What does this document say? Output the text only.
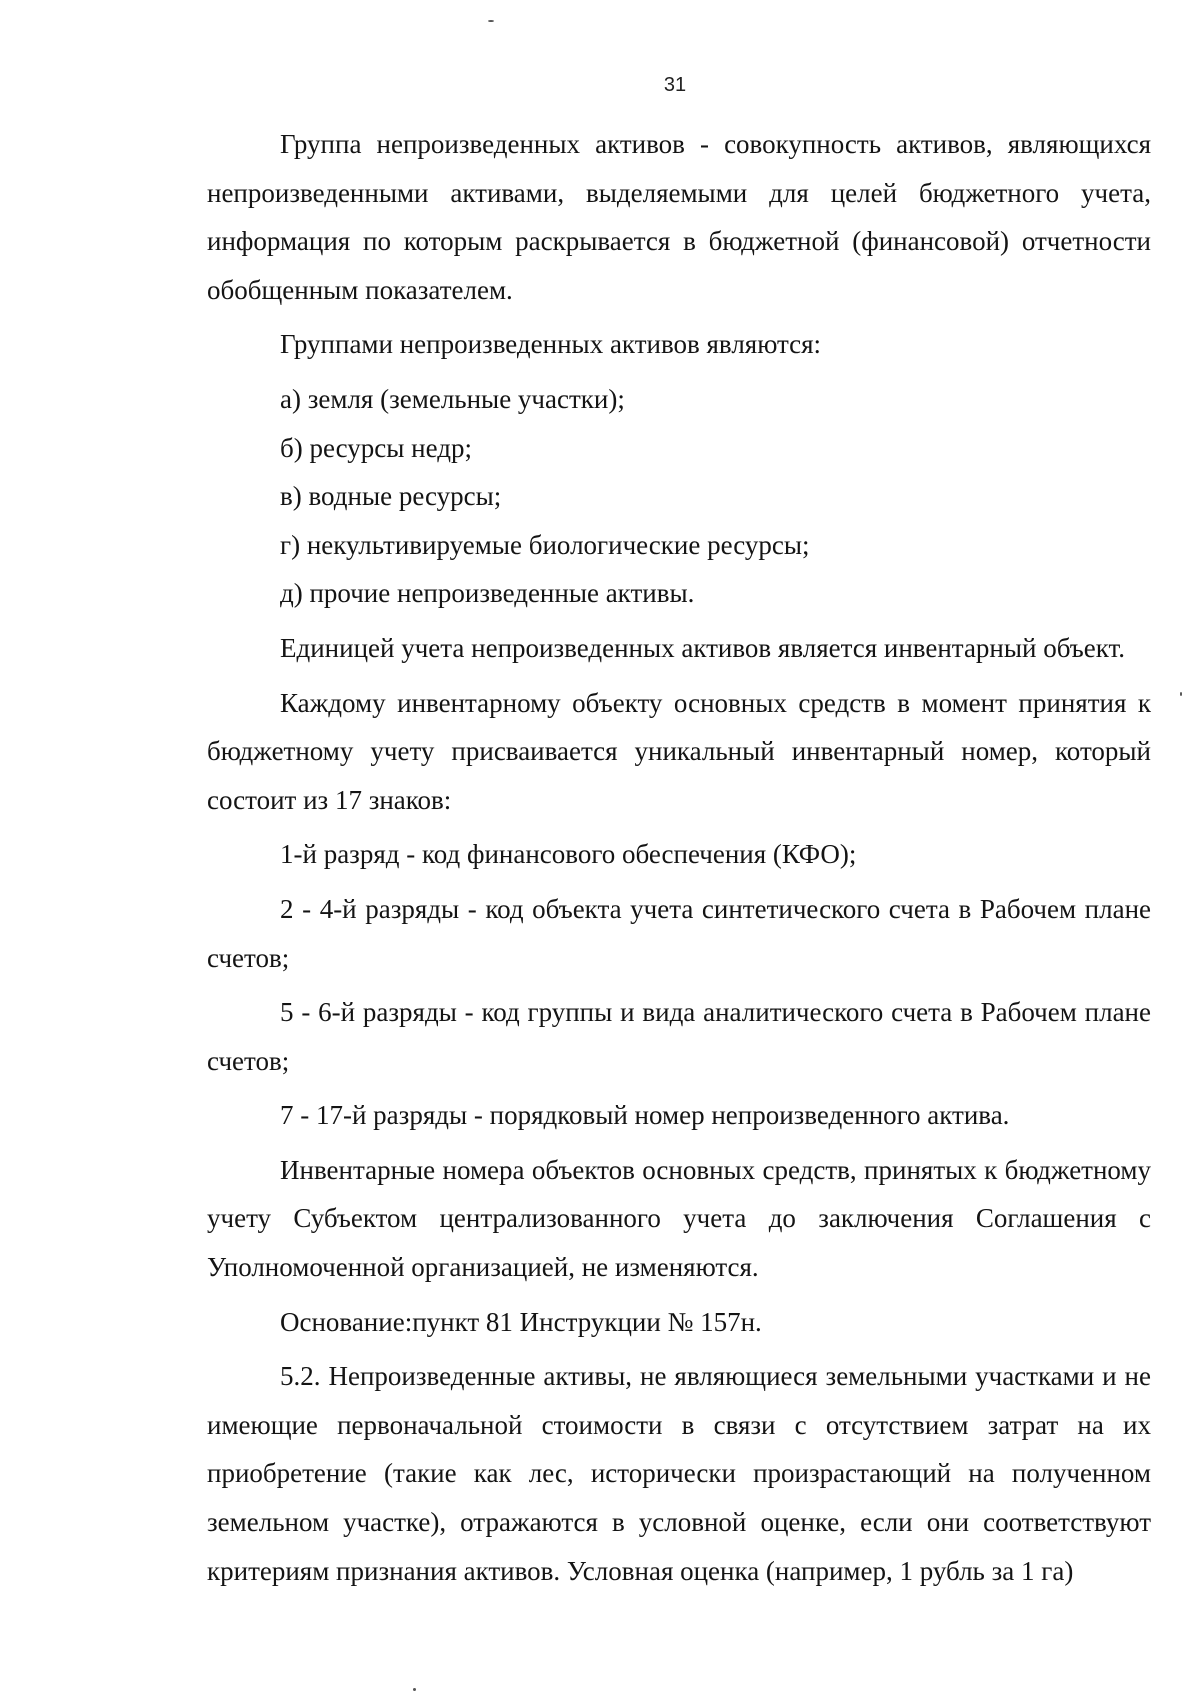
31

Группа непроизведенных активов - совокупность активов, являющихся непроизведенными активами, выделяемыми для целей бюджетного учета, информация по которым раскрывается в бюджетной (финансовой) отчетности обобщенным показателем.

Группами непроизведенных активов являются:

а) земля (земельные участки);

б) ресурсы недр;

в) водные ресурсы;

г) некультивируемые биологические ресурсы;

д) прочие непроизведенные активы.

Единицей учета непроизведенных активов является инвентарный объект.

Каждому инвентарному объекту основных средств в момент принятия к бюджетному учету присваивается уникальный инвентарный номер, который состоит из 17 знаков:

1-й разряд - код финансового обеспечения (КФО);

2 - 4-й разряды - код объекта учета синтетического счета в Рабочем плане счетов;

5 - 6-й разряды - код группы и вида аналитического счета в Рабочем плане счетов;

7 - 17-й разряды - порядковый номер непроизведенного актива.

Инвентарные номера объектов основных средств, принятых к бюджетному учету Субъектом централизованного учета до заключения Соглашения с Уполномоченной организацией, не изменяются.

Основание:пункт 81 Инструкции № 157н.

5.2. Непроизведенные активы, не являющиеся земельными участками и не имеющие первоначальной стоимости в связи с отсутствием затрат на их приобретение (такие как лес, исторически произрастающий на полученном земельном участке), отражаются в условной оценке, если они соответствуют критериям признания активов. Условная оценка (например, 1 рубль за 1 га)
